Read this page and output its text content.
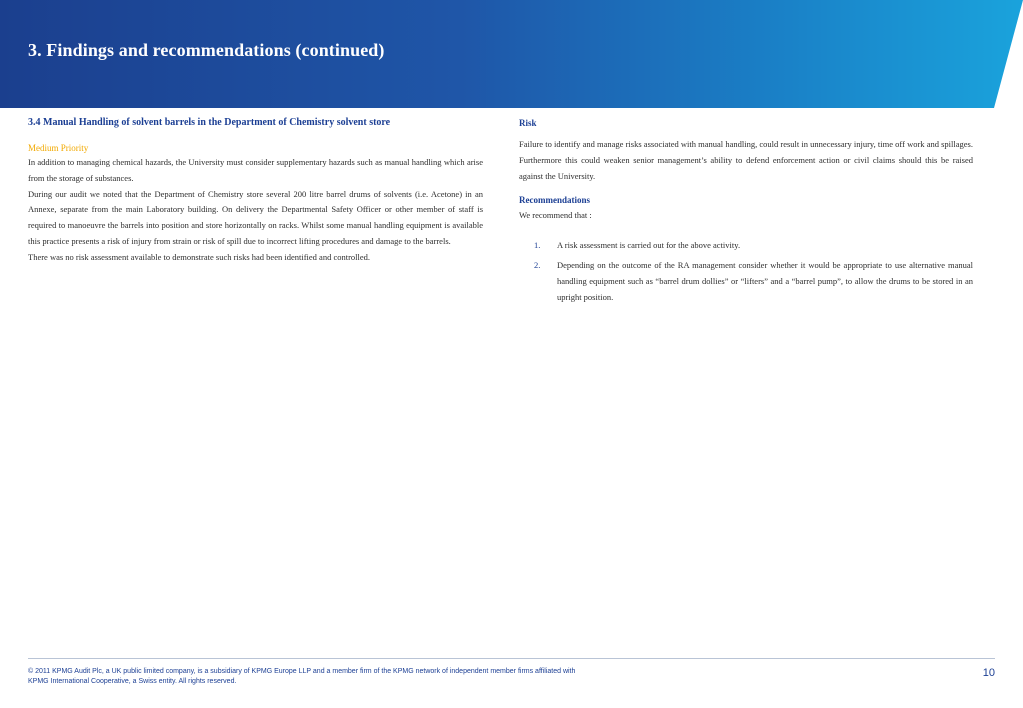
3. Findings and recommendations (continued)
3.4 Manual Handling of solvent barrels in the Department of Chemistry solvent store
Medium Priority

In addition to managing chemical hazards, the University must consider supplementary hazards such as manual handling which arise from the storage of substances.

During our audit we noted that the Department of Chemistry store several 200 litre barrel drums of solvents (i.e. Acetone) in an Annexe, separate from the main Laboratory building. On delivery the Departmental Safety Officer or other member of staff is required to manoeuvre the barrels into position and store horizontally on racks. Whilst some manual handling equipment is available this practice presents a risk of injury from strain or risk of spill due to incorrect lifting procedures and damage to the barrels.

There was no risk assessment available to demonstrate such risks had been identified and controlled.

Risk

Failure to identify and manage risks associated with manual handling, could result in unnecessary injury, time off work and spillages. Furthermore this could weaken senior management’s ability to defend enforcement action or civil claims should this be raised against the University.

Recommendations

We recommend that :

1. A risk assessment is carried out for the above activity.

2. Depending on the outcome of the RA management consider whether it would be appropriate to use alternative manual handling equipment such as “barrel drum dollies” or “lifters” and a “barrel pump”, to allow the drums to be stored in an upright position.

© 2011 KPMG Audit Plc, a UK public limited company, is a subsidiary of KPMG Europe LLP and a member firm of the KPMG network of independent member firms affiliated with
KPMG International Cooperative, a Swiss entity. All rights reserved.
10
